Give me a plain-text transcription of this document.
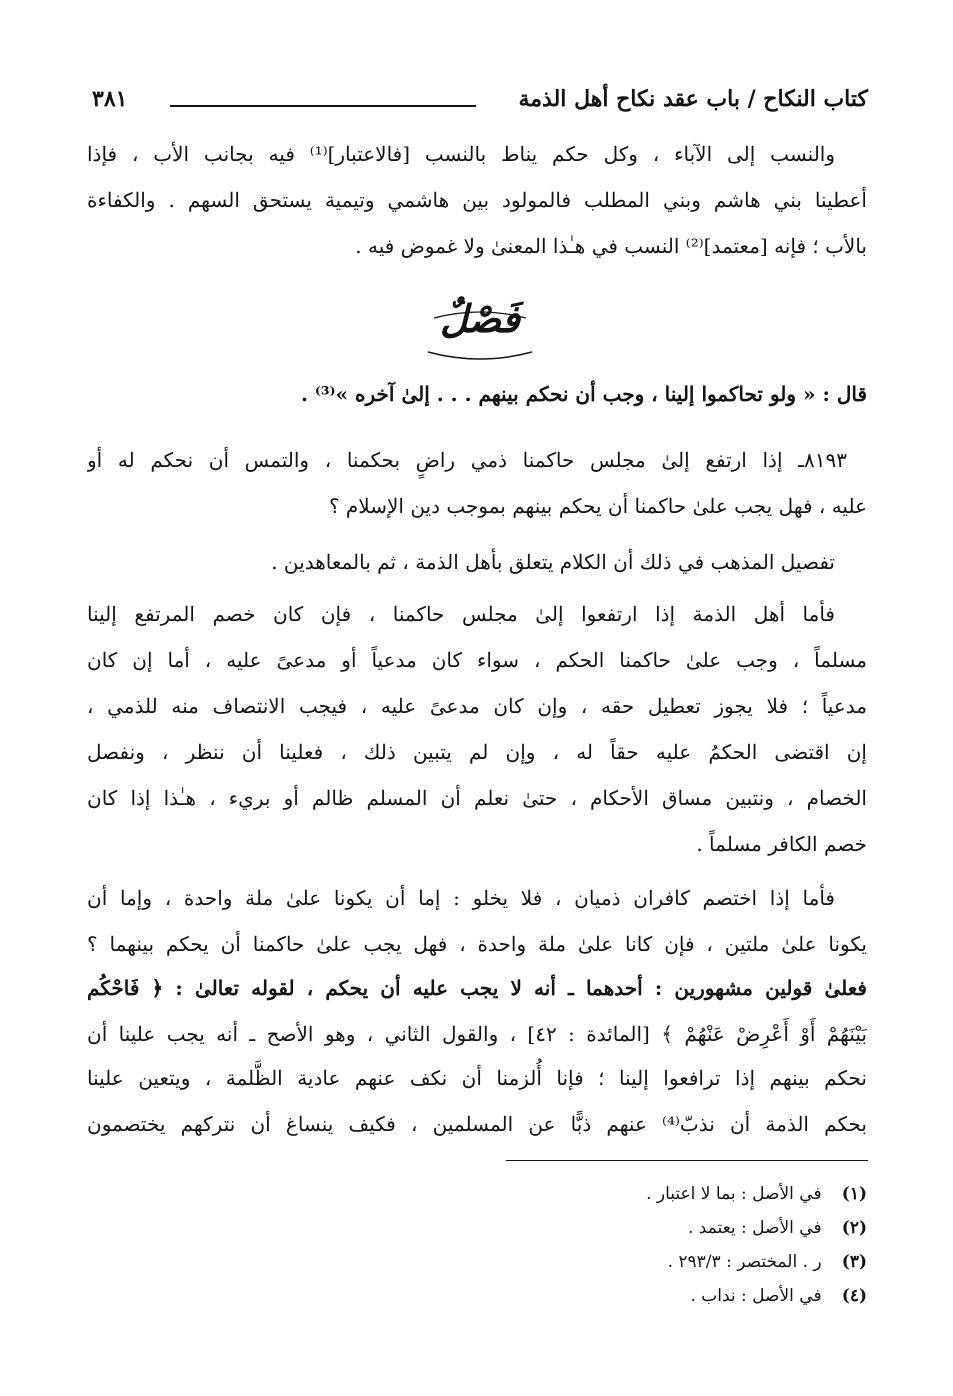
كتاب النكاح / باب عقد نكاح أهل الذمة
٣٨١
والنسب إلى الآباء ، وكل حكم يناط بالنسب [فالاعتبار]⁽¹⁾ فيه بجانب الأب ، فإذا
أعطينا بني هاشم وبني المطلب فالمولود بين هاشمي وتيمية يستحق السهم . والكفاءة
بالأب ؛ فإنه [معتمد]⁽²⁾ النسب في هـٰذا المعنىٰ ولا غموض فيه .
فَصْلٌ
قال : « ولو تحاكموا إلينا ، وجب أن نحكم بينهم . . . إلىٰ آخره »⁽³⁾ .
٨١٩٣ـ إذا ارتفع إلىٰ مجلس حاكمنا ذمي راضٍ بحكمنا ، والتمس أن نحكم له أو
عليه ، فهل يجب علىٰ حاكمنا أن يحكم بينهم بموجب دين الإسلام ؟
تفصيل المذهب في ذلك أن الكلام يتعلق بأهل الذمة ، ثم بالمعاهدين .
فأما أهل الذمة إذا ارتفعوا إلىٰ مجلس حاكمنا ، فإن كان خصم المرتفع إلينا
مسلماً ، وجب علىٰ حاكمنا الحكم ، سواء كان مدعياً أو مدعىً عليه ، أما إن كان
مدعياً ؛ فلا يجوز تعطيل حقه ، وإن كان مدعىً عليه ، فيجب الانتصاف منه للذمي ،
إن اقتضى الحكمُ عليه حقاً له ، وإن لم يتبين ذلك ، فعلينا أن ننظر ، ونفصل
الخصام ، ونتبين مساق الأحكام ، حتىٰ نعلم أن المسلم ظالم أو بريء ، هـٰذا إذا كان
خصم الكافر مسلماً .
فأما إذا اختصم كافران ذميان ، فلا يخلو : إما أن يكونا علىٰ ملة واحدة ، وإما أن
يكونا علىٰ ملتين ، فإن كانا علىٰ ملة واحدة ، فهل يجب علىٰ حاكمنا أن يحكم بينهما ؟
فعلىٰ قولين مشهورين : أحدهما ـ أنه لا يجب عليه أن يحكم ، لقوله تعالىٰ : ﴿ فَاحْكُم
بَيْنَهُمْ أَوْ أَعْرِضْ عَنْهُمْ ﴾ [المائدة : ٤٢] ، والقول الثاني ، وهو الأصح ـ أنه يجب علينا أن
نحكم بينهم إذا ترافعوا إلينا ؛ فإنا أُلزمنا أن نكف عنهم عادية الظَّلمة ، ويتعين علينا
بحكم الذمة أن نذبّ⁽⁴⁾ عنهم ذبًّا عن المسلمين ، فكيف ينساغ أن نتركهم يختصمون
(١) في الأصل : بما لا اعتبار .
(٢) في الأصل : يعتمد .
(٣) ر . المختصر : ٢٩٣/٣ .
(٤) في الأصل : نداب .
